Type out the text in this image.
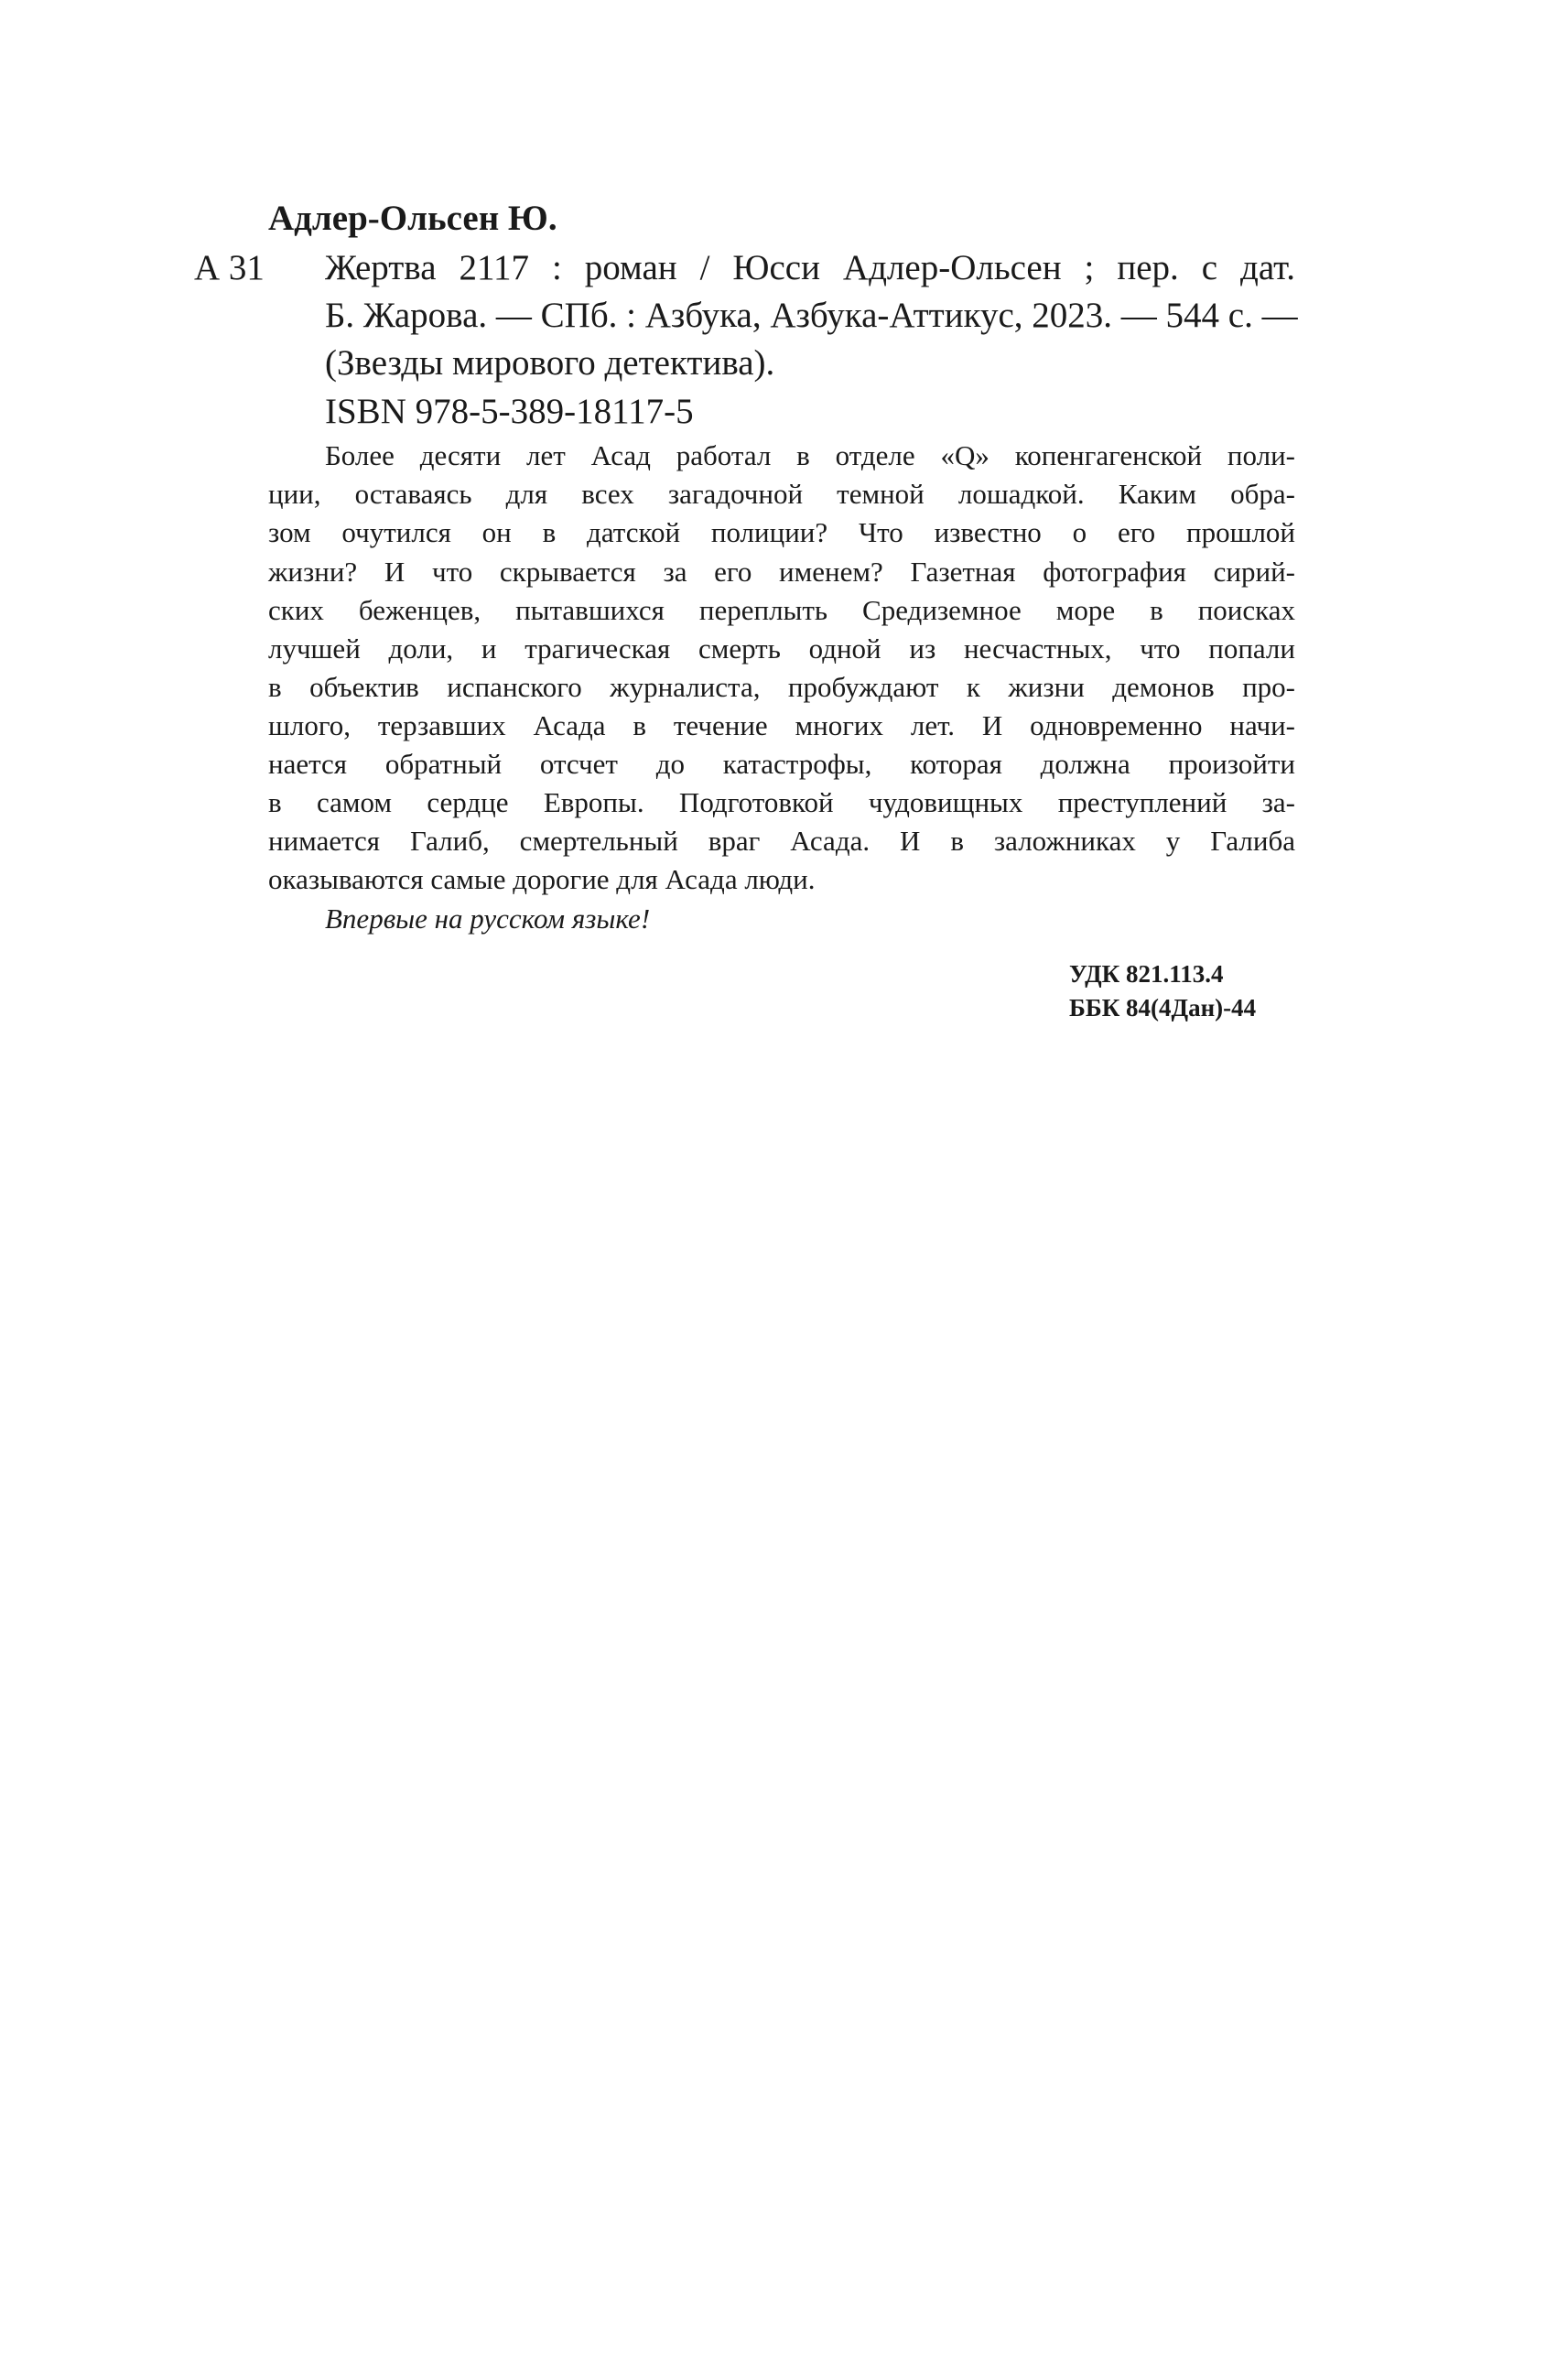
Адлер-Ольсен Ю.
А 31 Жертва 2117 : роман / Юсси Адлер-Ольсен ; пер. с дат.
Б. Жарова. — СПб. : Азбука, Азбука-Аттикус, 2023. — 544 с. —
(Звезды мирового детектива).
ISBN 978-5-389-18117-5
Более десяти лет Асад работал в отделе «Q» копенгагенской поли-
ции, оставаясь для всех загадочной темной лошадкой. Каким обра-
зом очутился он в датской полиции? Что известно о его прошлой
жизни? И что скрывается за его именем? Газетная фотография сирий-
ских беженцев, пытавшихся переплыть Средиземное море в поисках
лучшей доли, и трагическая смерть одной из несчастных, что попали
в объектив испанского журналиста, пробуждают к жизни демонов про-
шлого, терзавших Асада в течение многих лет. И одновременно начи-
нается обратный отсчет до катастрофы, которая должна произойти
в самом сердце Европы. Подготовкой чудовищных преступлений за-
нимается Галиб, смертельный враг Асада. И в заложниках у Галиба
оказываются самые дорогие для Асада люди.
Впервые на русском языке!
УДК 821.113.4
ББК 84(4Дан)-44
